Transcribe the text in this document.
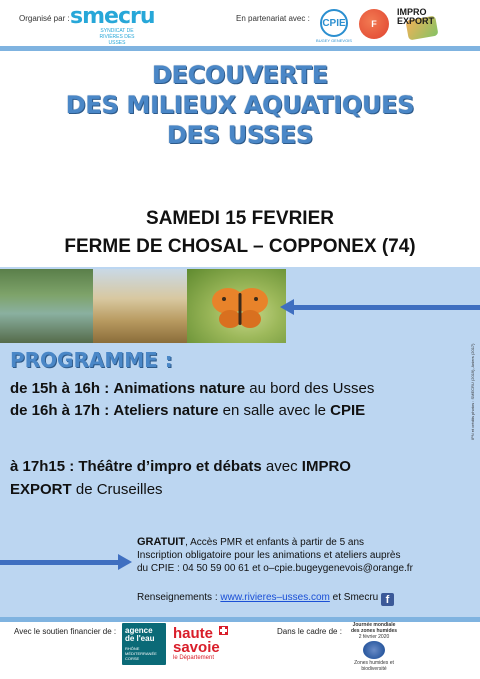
Organisé par : smecru
SYNDICAT DE RIVIÈRES DES USSES
En partenariat avec : CPIE
BUGEY GENEVOIS
F
IMPRO
EXPORT
DECOUVERTE
DES MILIEUX AQUATIQUES
DES USSES
SAMEDI 15 FEVRIER
FERME DE CHOSAL – COPPONEX (74)
PROGRAMME :
de 15h à 16h : Animations nature au bord des Usses
de 16h à 17h : Ateliers nature en salle avec le CPIE
à 17h15 : Théâtre d’impro et débats avec IMPRO
EXPORT de Cruseilles
IPN et crédits photos : SMECRU (2019), Aniers (2017)
GRATUIT, Accès PMR et enfants à partir de 5 ans
Inscription obligatoire pour les animations et ateliers auprès
du CPIE : 04 50 59 00 61 et o–cpie.bugeygenevois@orange.fr
Renseignements : www.rivieres–usses.com et Smecru f
Avec le soutien financier de : agence
de l'eau
RHÔNE MÉDITERRANÉE CORSE
haute
savoie
le Département
Dans le cadre de :
Journée mondiale
des zones humides
2 février 2020
Zones humides et biodiversité
